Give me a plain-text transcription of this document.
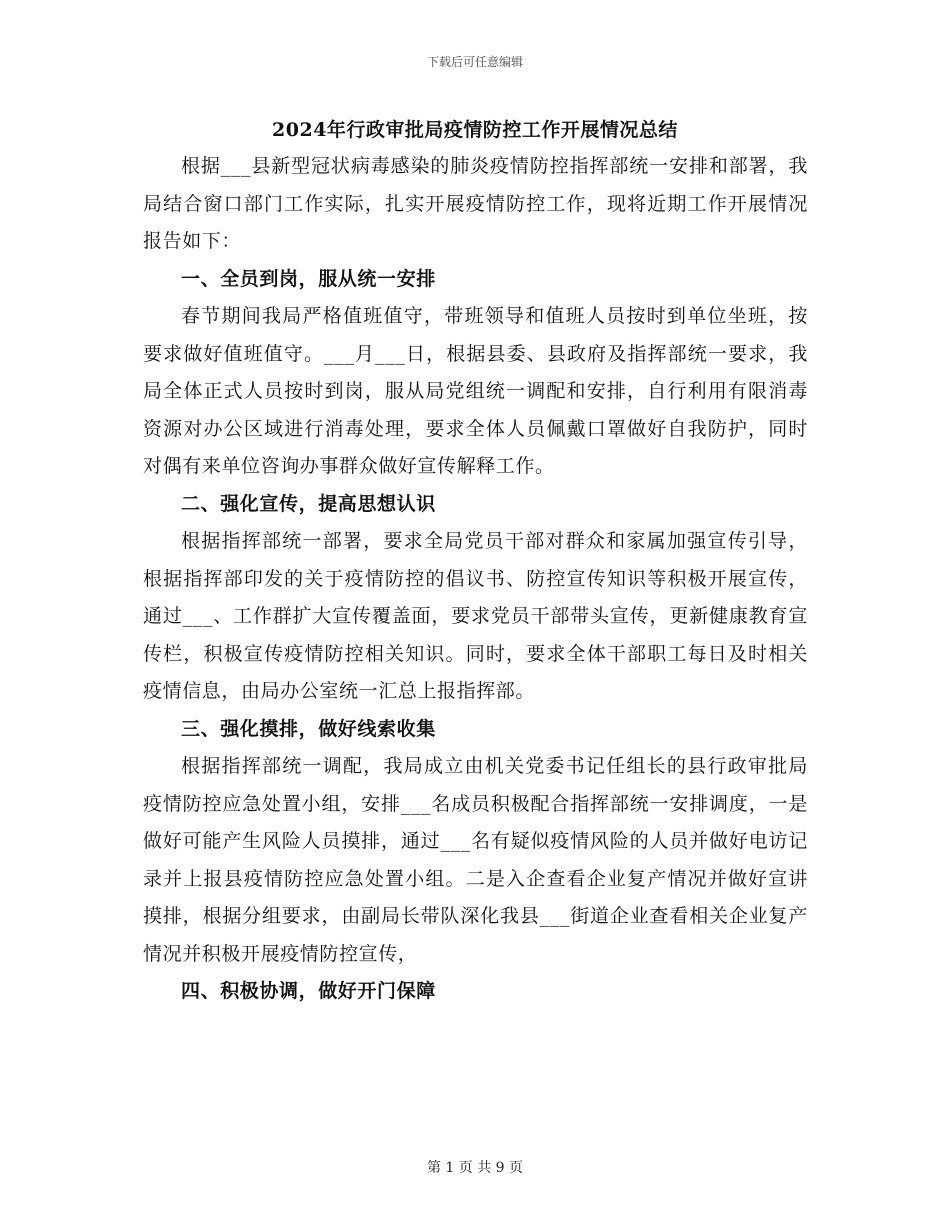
下载后可任意编辑
2024年行政审批局疫情防控工作开展情况总结

根据___县新型冠状病毒感染的肺炎疫情防控指挥部统一安排和部署，我局结合窗口部门工作实际，扎实开展疫情防控工作，现将近期工作开展情况报告如下：

一、全员到岗，服从统一安排

春节期间我局严格值班值守，带班领导和值班人员按时到单位坐班，按要求做好值班值守。___月___日，根据县委、县政府及指挥部统一要求，我局全体正式人员按时到岗，服从局党组统一调配和安排，自行利用有限消毒资源对办公区域进行消毒处理，要求全体人员佩戴口罩做好自我防护，同时对偶有来单位咨询办事群众做好宣传解释工作。

二、强化宣传，提高思想认识

根据指挥部统一部署，要求全局党员干部对群众和家属加强宣传引导，根据指挥部印发的关于疫情防控的倡议书、防控宣传知识等积极开展宣传，通过___、工作群扩大宣传覆盖面，要求党员干部带头宣传，更新健康教育宣传栏，积极宣传疫情防控相关知识。同时，要求全体干部职工每日及时相关疫情信息，由局办公室统一汇总上报指挥部。

三、强化摸排，做好线索收集

根据指挥部统一调配，我局成立由机关党委书记任组长的县行政审批局疫情防控应急处置小组，安排___名成员积极配合指挥部统一安排调度，一是做好可能产生风险人员摸排，通过___名有疑似疫情风险的人员并做好电访记录并上报县疫情防控应急处置小组。二是入企查看企业复产情况并做好宣讲摸排，根据分组要求，由副局长带队深化我县___街道企业查看相关企业复产情况并积极开展疫情防控宣传，

四、积极协调，做好开门保障
第 1 页 共 9 页
